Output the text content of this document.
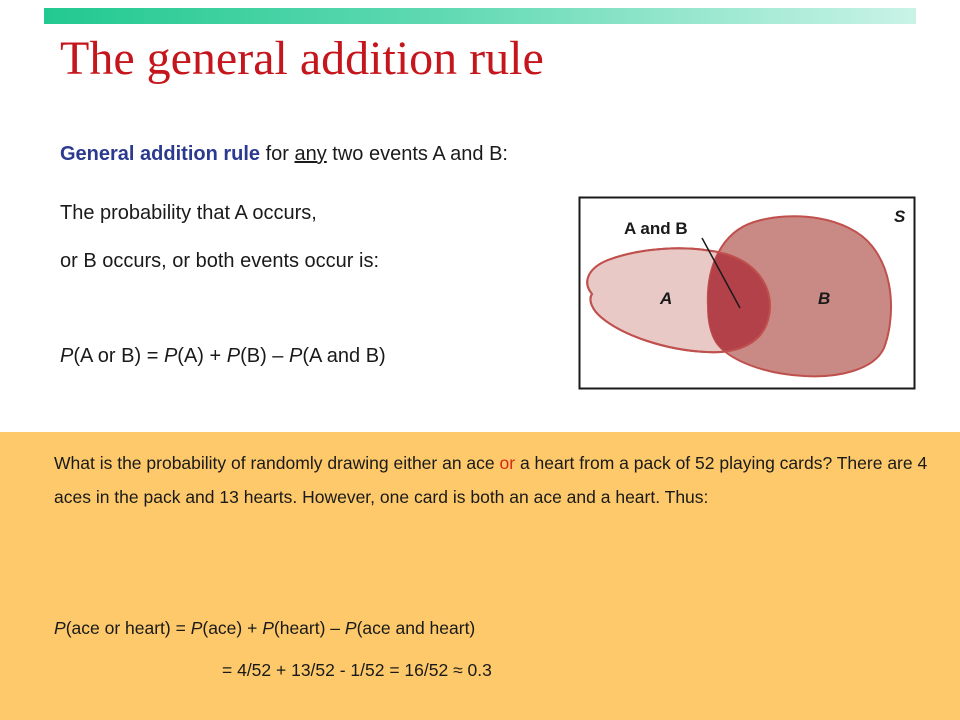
The general addition rule
General addition rule for any two events A and B:
The probability that A occurs,
or B occurs, or both events occur is:
P(A or B) = P(A) + P(B) – P(A and B)
A and B
S
A	B
What is the probability of randomly drawing either an ace or a heart from a pack of 52 playing cards? There are 4 aces in the pack and 13 hearts. However, one card is both an ace and a heart. Thus:
P(ace or heart) = P(ace) + P(heart) – P(ace and heart)
= 4/52 + 13/52 - 1/52 = 16/52 ≈ 0.3
